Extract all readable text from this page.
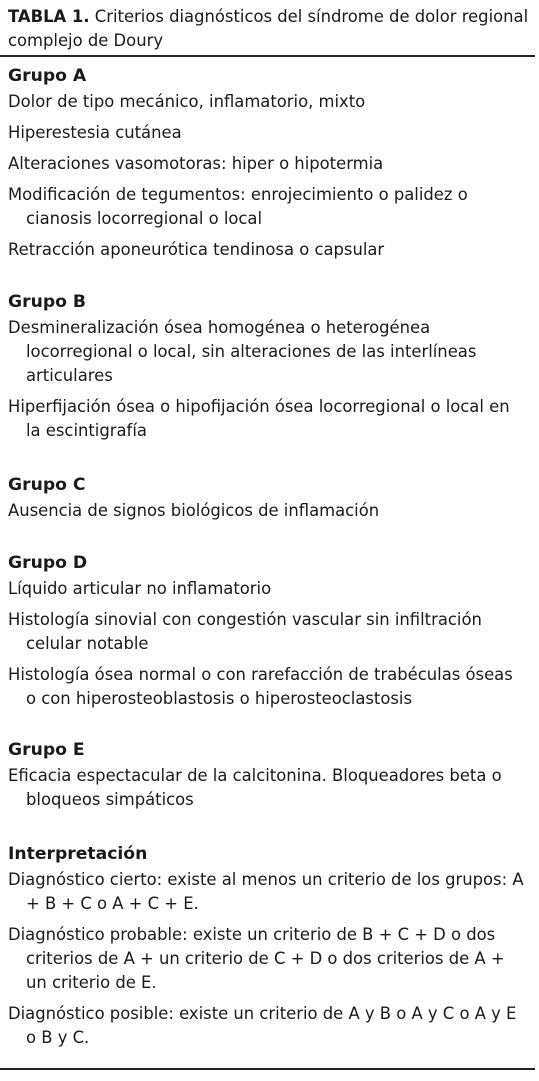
TABLA 1. Criterios diagnósticos del síndrome de dolor regional complejo de Doury
Grupo A
Dolor de tipo mecánico, inflamatorio, mixto
Hiperestesia cutánea
Alteraciones vasomotoras: hiper o hipotermia
Modificación de tegumentos: enrojecimiento o palidez o cianosis locorregional o local
Retracción aponeurótica tendinosa o capsular
Grupo B
Desmineralización ósea homogénea o heterogénea locorregional o local, sin alteraciones de las interlíneas articulares
Hiperfijación ósea o hipofijación ósea locorregional o local en la escintigrafía
Grupo C
Ausencia de signos biológicos de inflamación
Grupo D
Líquido articular no inflamatorio
Histología sinovial con congestión vascular sin infiltración celular notable
Histología ósea normal o con rarefacción de trabéculas óseas o con hiperosteoblastosis o hiperosteoclastosis
Grupo E
Eficacia espectacular de la calcitonina. Bloqueadores beta o bloqueos simpáticos
Interpretación
Diagnóstico cierto: existe al menos un criterio de los grupos: A + B + C o A + C + E.
Diagnóstico probable: existe un criterio de B + C + D o dos criterios de A + un criterio de C + D o dos criterios de A + un criterio de E.
Diagnóstico posible: existe un criterio de A y B o A y C o A y E o B y C.
